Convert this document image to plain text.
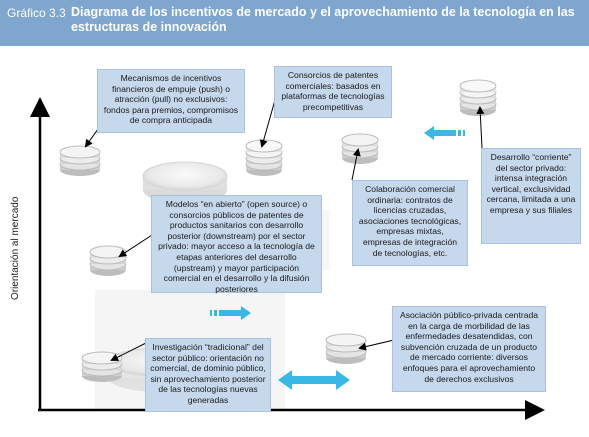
Gráfico 3.3 Diagrama de los incentivos de mercado y el aprovechamiento de la tecnología en las estructuras de innovación
Orientación al mercado
Mecanismos de incentivos financieros de empuje (push) o atracción (pull) no exclusivos: fondos para premios, compromisos de compra anticipada
Consorcios de patentes comerciales: basados en plataformas de tecnologías precompetitivas
Modelos “en abierto” (open source) o consorcios públicos de patentes de productos sanitarios con desarrollo posterior (downstream) por el sector privado: mayor acceso a la tecnología de etapas anteriores del desarrollo (upstream) y mayor participación comercial en el desarrollo y la difusión posteriores
Colaboración comercial ordinaria: contratos de licencias cruzadas, asociaciones tecnológicas, empresas mixtas, empresas de integración de tecnologías, etc.
Desarrollo “corriente” del sector privado: intensa integración vertical, exclusividad cercana, limitada a una empresa y sus filiales
Investigación “tradicional” del sector público: orientación no comercial, de dominio público, sin aprovechamiento posterior de las tecnologías nuevas generadas
Asociación público-privada centrada en la carga de morbilidad de las enfermedades desatendidas, con subvención cruzada de un producto de mercado corriente: diversos enfoques para el aprovechamiento de derechos exclusivos
